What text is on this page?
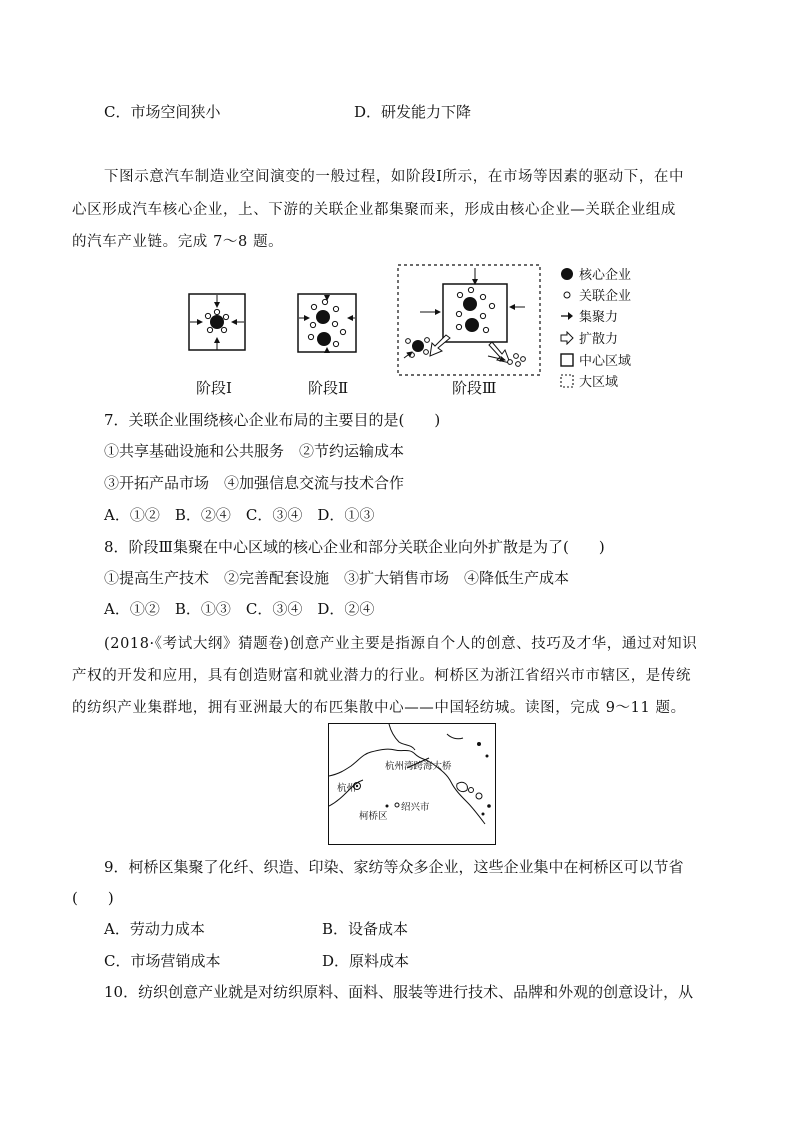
C．市场空间狭小	D．研发能力下降
下图示意汽车制造业空间演变的一般过程，如阶段Ⅰ所示，在市场等因素的驱动下，在中
心区形成汽车核心企业，上、下游的关联企业都集聚而来，形成由核心企业—关联企业组成
的汽车产业链。完成 7～8 题。
阶段Ⅰ	阶段Ⅱ	阶段Ⅲ
核心企业
关联企业
集聚力
扩散力
中心区域
大区域
7．关联企业围绕核心企业布局的主要目的是(　　)
①共享基础设施和公共服务　②节约运输成本
③开拓产品市场　④加强信息交流与技术合作
A．①②　B．②④　C．③④　D．①③
8．阶段Ⅲ集聚在中心区域的核心企业和部分关联企业向外扩散是为了(　　)
①提高生产技术　②完善配套设施　③扩大销售市场　④降低生产成本
A．①②　B．①③　C．③④　D．②④
(2018·《考试大纲》猜题卷)创意产业主要是指源自个人的创意、技巧及才华，通过对知识
产权的开发和应用，具有创造财富和就业潜力的行业。柯桥区为浙江省绍兴市市辖区，是传统
的纺织产业集群地，拥有亚洲最大的布匹集散中心——中国轻纺城。读图，完成 9～11 题。
杭州湾跨海大桥
杭州
绍兴市
柯桥区
9．柯桥区集聚了化纤、织造、印染、家纺等众多企业，这些企业集中在柯桥区可以节省
(　　)
A．劳动力成本	B．设备成本
C．市场营销成本	D．原料成本
10．纺织创意产业就是对纺织原料、面料、服装等进行技术、品牌和外观的创意设计，从
